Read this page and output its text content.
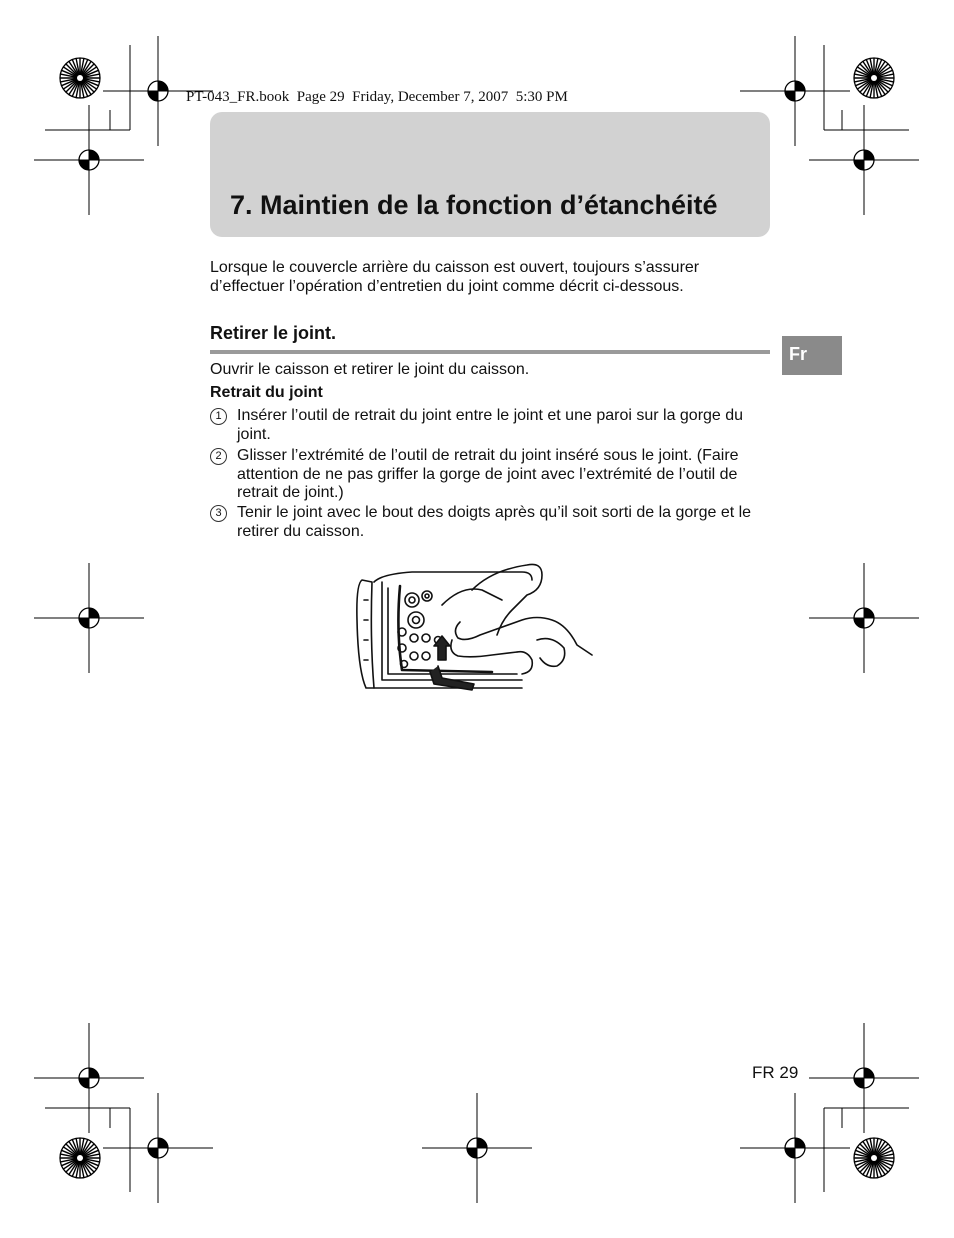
PT-043_FR.book  Page 29  Friday, December 7, 2007  5:30 PM
7. Maintien de la fonction d’étanchéité
Lorsque le couvercle arrière du caisson est ouvert, toujours s’assurer d’effectuer l’opération d’entretien du joint comme décrit ci-dessous.
Retirer le joint.
Fr
Ouvrir le caisson et retirer le joint du caisson.
Retrait du joint
1 Insérer l’outil de retrait du joint entre le joint et une paroi sur la gorge du joint.
2 Glisser l’extrémité de l’outil de retrait du joint inséré sous le joint. (Faire attention de ne pas griffer la gorge de joint avec l’extrémité de l’outil de retrait de joint.)
3 Tenir le joint avec le bout des doigts après qu’il soit sorti de la gorge et le retirer du caisson.
FR 29
